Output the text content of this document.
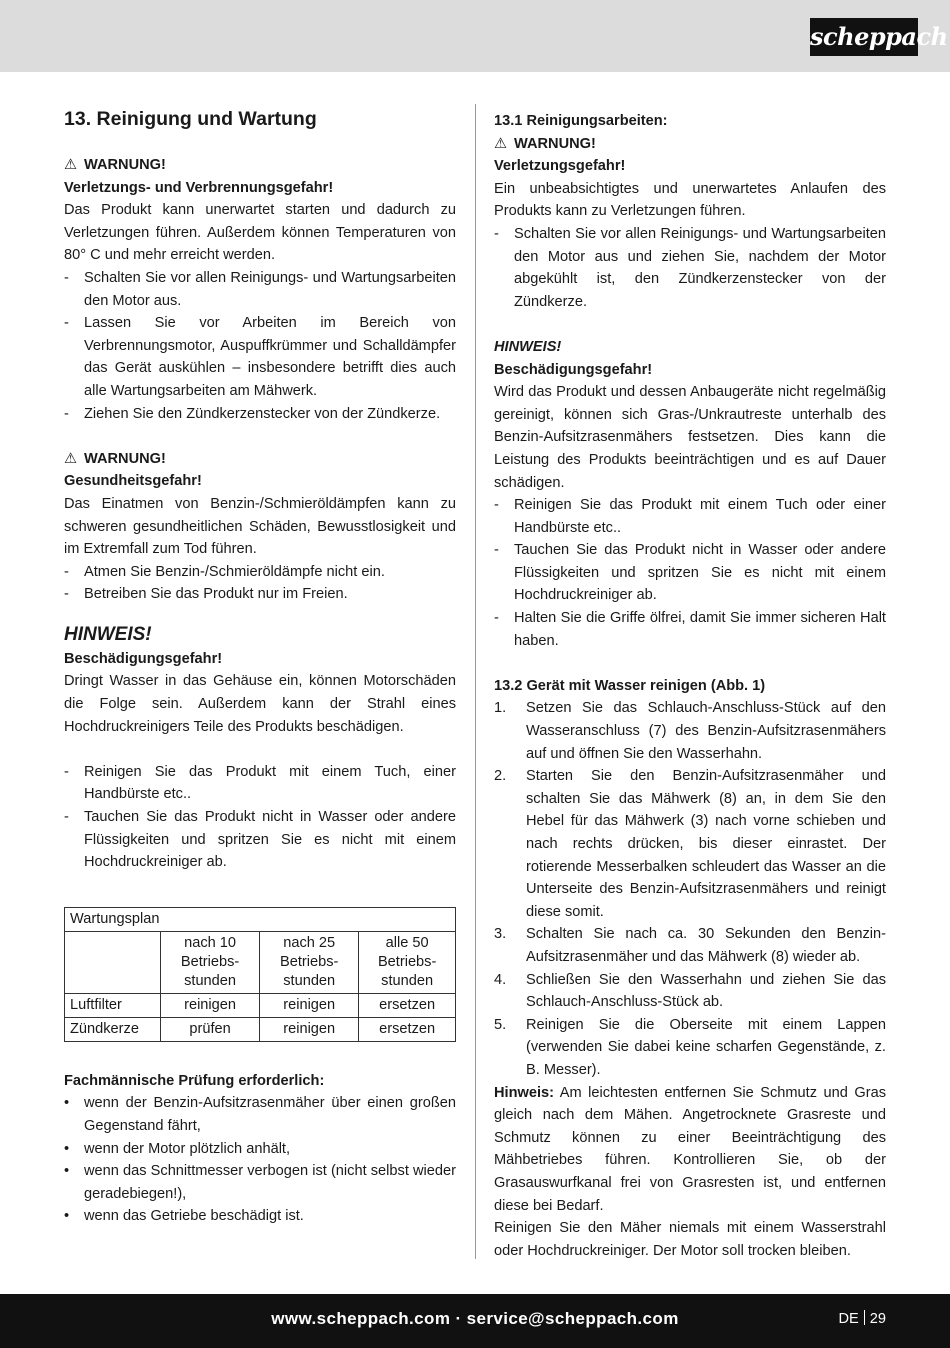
scheppach
13. Reinigung und Wartung

⚠ WARNUNG!

Verletzungs- und Verbrennungsgefahr!

Das Produkt kann unerwartet starten und dadurch zu Verletzungen führen. Außerdem können Temperaturen von 80° C und mehr erreicht werden.

- Schalten Sie vor allen Reinigungs- und Wartungsarbeiten den Motor aus.
- Lassen Sie vor Arbeiten im Bereich von Verbrennungsmotor, Auspuffkrümmer und Schalldämpfer das Gerät auskühlen – insbesondere betrifft dies auch alle Wartungsarbeiten am Mähwerk.
- Ziehen Sie den Zündkerzenstecker von der Zündkerze.

⚠ WARNUNG!

Gesundheitsgefahr!

Das Einatmen von Benzin-/Schmieröldämpfen kann zu schweren gesundheitlichen Schäden, Bewusstlosigkeit und im Extremfall zum Tod führen.

- Atmen Sie Benzin-/Schmieröldämpfe nicht ein.
- Betreiben Sie das Produkt nur im Freien.
HINWEIS!

Beschädigungsgefahr!

Dringt Wasser in das Gehäuse ein, können Motorschäden die Folge sein. Außerdem kann der Strahl eines Hochdruckreinigers Teile des Produkts beschädigen.

- Reinigen Sie das Produkt mit einem Tuch, einer Handbürste etc..
- Tauchen Sie das Produkt nicht in Wasser oder andere Flüssigkeiten und spritzen Sie es nicht mit einem Hochdruckreiniger ab.
Wartungsplan			
	nach 10 Betriebs-stunden	nach 25 Betriebs-stunden	alle 50 Betriebs-stunden
Luftfilter	reinigen	reinigen	ersetzen
Zündkerze	prüfen	reinigen	ersetzen

Fachmännische Prüfung erforderlich:

• wenn der Benzin-Aufsitzrasenmäher über einen großen Gegenstand fährt,
• wenn der Motor plötzlich anhält,
• wenn das Schnittmesser verbogen ist (nicht selbst wieder geradebiegen!),
• wenn das Getriebe beschädigt ist.

13.1 Reinigungsarbeiten:

⚠ WARNUNG!

Verletzungsgefahr!

Ein unbeabsichtigtes und unerwartetes Anlaufen des Produkts kann zu Verletzungen führen.

- Schalten Sie vor allen Reinigungs- und Wartungsarbeiten den Motor aus und ziehen Sie, nachdem der Motor abgekühlt ist, den Zündkerzenstecker von der Zündkerze.

HINWEIS!

Beschädigungsgefahr!

Wird das Produkt und dessen Anbaugeräte nicht regelmäßig gereinigt, können sich Gras-/Unkrautreste unterhalb des Benzin-Aufsitzrasenmähers festsetzen. Dies kann die Leistung des Produkts beeinträchtigen und es auf Dauer schädigen.

- Reinigen Sie das Produkt mit einem Tuch oder einer Handbürste etc..
- Tauchen Sie das Produkt nicht in Wasser oder andere Flüssigkeiten und spritzen Sie es nicht mit einem Hochdruckreiniger ab.
- Halten Sie die Griffe ölfrei, damit Sie immer sicheren Halt haben.

13.2 Gerät mit Wasser reinigen (Abb. 1)

1. Setzen Sie das Schlauch-Anschluss-Stück auf den Wasseranschluss (7) des Benzin-Aufsitzrasenmähers auf und öffnen Sie den Wasserhahn.
2. Starten Sie den Benzin-Aufsitzrasenmäher und schalten Sie das Mähwerk (8) an, in dem Sie den Hebel für das Mähwerk (3) nach vorne schieben und nach rechts drücken, bis dieser einrastet. Der rotierende Messerbalken schleudert das Wasser an die Unterseite des Benzin-Aufsitzrasenmähers und reinigt diese somit.
3. Schalten Sie nach ca. 30 Sekunden den Benzin-Aufsitzrasenmäher und das Mähwerk (8) wieder ab.
4. Schließen Sie den Wasserhahn und ziehen Sie das Schlauch-Anschluss-Stück ab.
5. Reinigen Sie die Oberseite mit einem Lappen (verwenden Sie dabei keine scharfen Gegenstände, z. B. Messer).

Hinweis: Am leichtesten entfernen Sie Schmutz und Gras gleich nach dem Mähen. Angetrocknete Grasreste und Schmutz können zu einer Beeinträchtigung des Mähbetriebes führen. Kontrollieren Sie, ob der Grasauswurfkanal frei von Grasresten ist, und entfernen diese bei Bedarf.

Reinigen Sie den Mäher niemals mit einem Wasserstrahl oder Hochdruckreiniger. Der Motor soll trocken bleiben.

www.scheppach.com · service@scheppach.com	DE 29
